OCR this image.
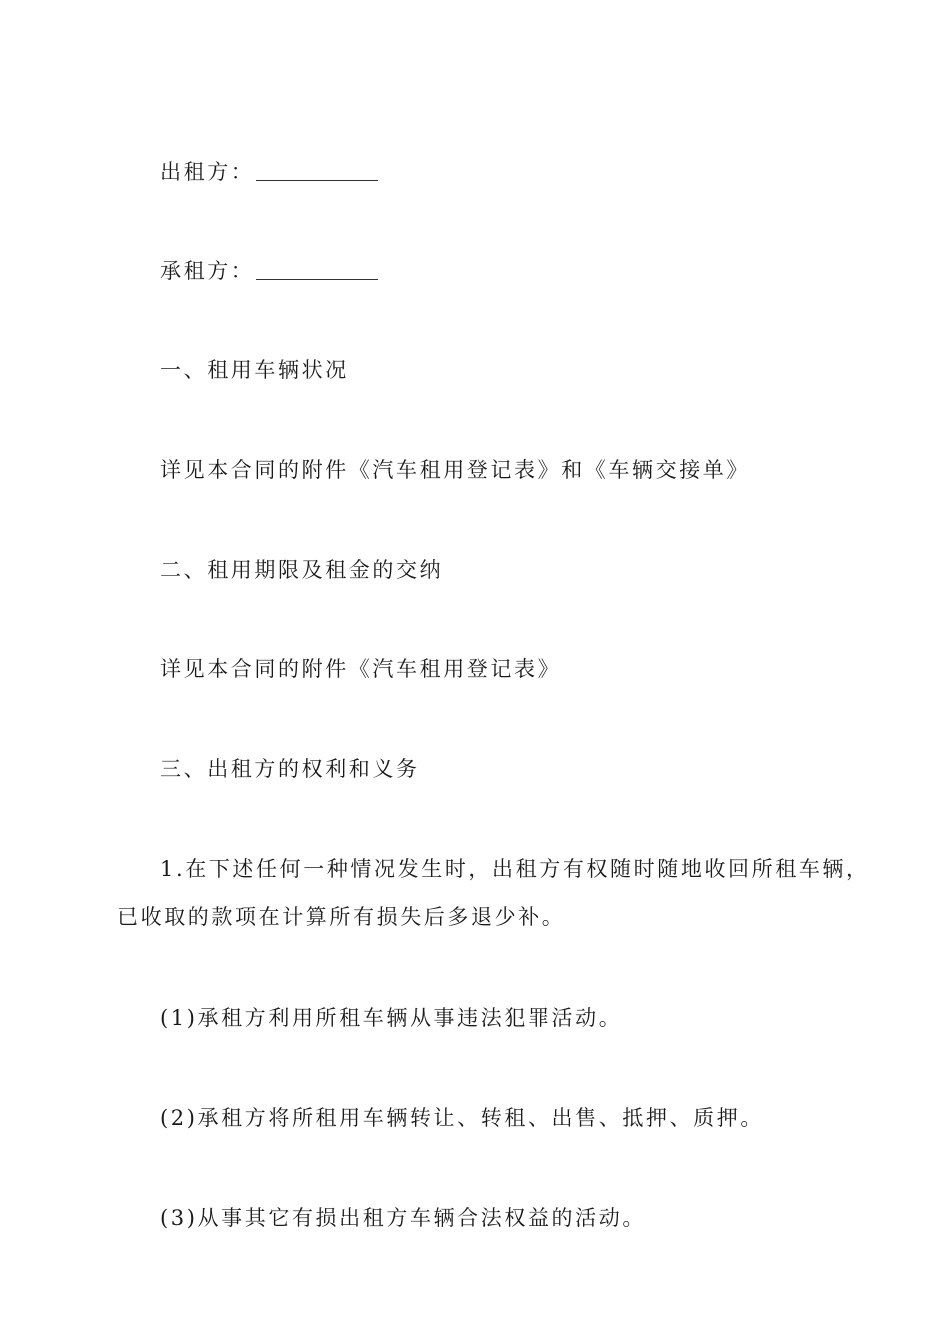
出租方：
承租方：
一、租用车辆状况
详见本合同的附件《汽车租用登记表》和《车辆交接单》
二、租用期限及租金的交纳
详见本合同的附件《汽车租用登记表》
三、出租方的权利和义务
1.在下述任何一种情况发生时，出租方有权随时随地收回所租车辆，
已收取的款项在计算所有损失后多退少补。
(1)承租方利用所租车辆从事违法犯罪活动。
(2)承租方将所租用车辆转让、转租、出售、抵押、质押。
(3)从事其它有损出租方车辆合法权益的活动。
